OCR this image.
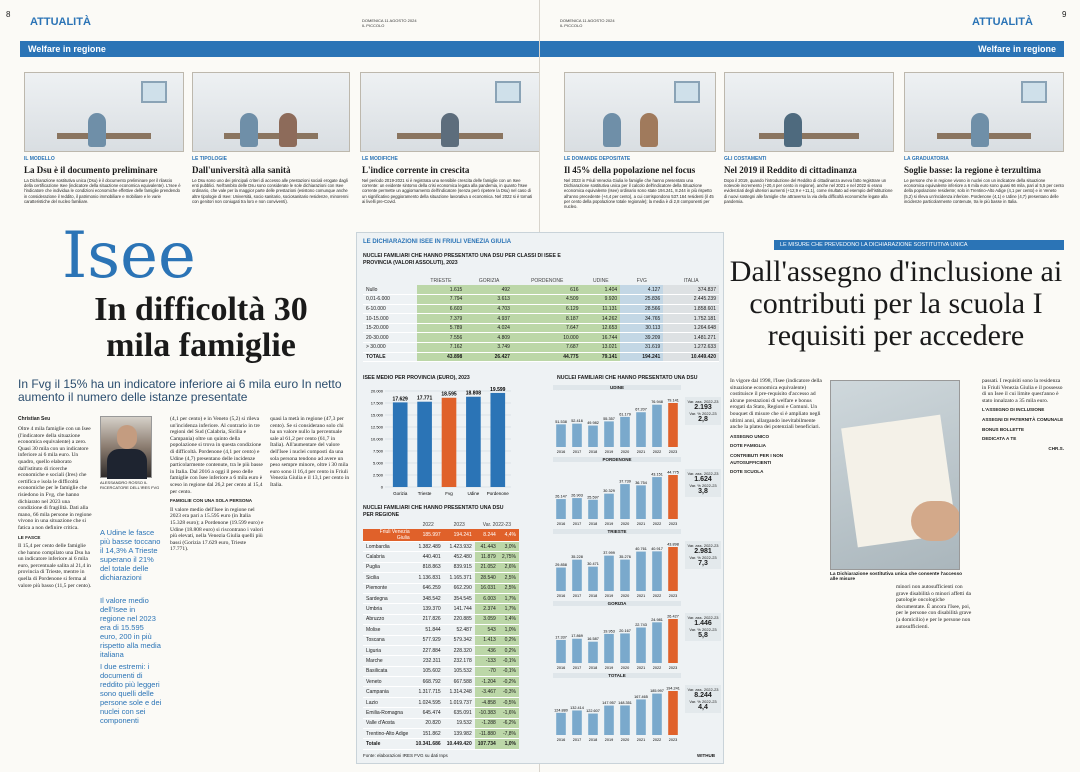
8
ATTUALITÀ	DOMENICA 11 AGOSTO 2024
IL PICCOLO
Welfare in regione
IL MODELLO
La Dsu è il documento preliminare
La Dichiarazione sostitutiva unica (Dsu) è il documento preliminare per il rilascio della certificazione Isee (indicatore della situazione economica equivalente). L'Isee è l'indicatore che individua le condizioni economiche effettive delle famiglie prendendo in considerazione il reddito, il patrimonio immobiliare e mobiliare e le varie caratteristiche del nucleo familiare.
LE TIPOLOGIE
Dall'università alla sanità
Le Dsu sono uno dei principali criteri di accesso alle prestazioni sociali erogate dagli enti pubblici. Nell'ambito delle Dsu sono considerate le sole dichiarazioni con Isee ordinario, che vale per la maggior parte delle prestazioni (esistono comunque anche altre tipologie di Isee: Università, socio sanitario, sociosanitario residenze, minorenni con genitori non coniugati tra loro e non conviventi).
LE MODIFICHE
L'indice corrente in crescita
Nel periodo 2019-2021 si è registrata una sensibile crescita delle famiglie con un Isee corrente: un evidente sintomo della crisi economica legata alla pandemia, in quanto l'Isee corrente permette un aggiornamento dell'indicatore (senza però ripetere la Dsu) nel caso di un significativo peggioramento della situazione lavorativa o economica. Nel 2022 si è tornati ai livelli pre-Covid.
Isee
In difficoltà 30 mila famiglie
In Fvg il 15% ha un indicatore inferiore ai 6 mila euro In netto aumento il numero delle istanze presentate
Christian Seu

Oltre 4 mila famiglie con un Isee (l'indicatore della situazione economica equivalente) a zero. Quasi 30 mila con un indicatore inferiore ai 6 mila euro. Un quadro, quello elaborato dall'istituto di ricerche economiche e sociali (Ires) che certifica e isola le difficoltà economiche per le famiglie che risiedono in Fvg, che hanno dichiarato nel 2023 una condizione di fragilità. Dati alla mano, 66 mila persone in regione vivono in una situazione che si fatica a non definire critica.

LE FASCE

Il 15,4 per cento delle famiglie che hanno compilato una Dsu ha un indicatore inferiore ai 6 mila euro, percentuale salita al 21,4 in provincia di Trieste, mentre in quella di Pordenone si ferma al valore più basso (11,5 per cento).

ALESSANDRO ROSSO IL RICERCATORE DELL'IRES FVG
A Udine le fasce più basse toccano il 14,3% A Trieste superano il 21% del totale delle dichiarazioni
Il valore medio dell'Isee in regione nel 2023 era di 15.595 euro, 200 in più rispetto alla media italiana
I due estremi: i documenti di reddito più leggeri sono quelli delle persone sole e dei nuclei con sei componenti

(4,1 per cento) e in Veneto (5,2) si rileva un'incidenza inferiore. Al contrario in tre regioni del Sud (Calabria, Sicilia e Campania) oltre un quinto della popolazione si trova in questa condizione di difficoltà. Pordenone (4,1 per cento) e Udine (4,7) presentano delle incidenze particolarmente contenute, tra le più basse in Italia. Dal 2016 a oggi il peso delle famiglie con Isee inferiore a 6 mila euro è sceso in regione dal 26,2 per cento al 15,4 per cento.

FAMIGLIE CON UNA SOLA PERSONA

Il valore medio dell'Isee in regione nel 2023 era pari a 15.595 euro (in Italia 15.328 euro); a Pordenone (19.599 euro) e Udine (18.808 euro) si riscontrano i valori più elevati, nella Venezia Giulia quelli più bassi (Gorizia 17.629 euro, Trieste 17.771).

quasi la metà in regione (47,3 per cento). Se si considerano solo chi ha un valore nullo la percentuale sale al 61,2 per cento (61,7 in Italia). All'aumentare del valore dell'Isee i nuclei composti da una sola persona tendono ad avere un peso sempre minore, oltre i 30 mila euro sono il 16,4 per cento in Friuli Venezia Giulia e il 13,1 per cento in Italia.

9
ATTUALITÀ
DOMENICA 11 AGOSTO 2024
IL PICCOLO
Welfare in regione
LE DOMANDE DEPOSITATE
Il 45% della popolazione nel focus
Nel 2023 in Friuli Venezia Giulia le famiglie che hanno presentato una Dichiarazione sostitutiva unica per il calcolo dell'indicatore della Situazione economica equivalente (Isee) ordinario sono state 194.241, 8.244 in più rispetto all'anno precedente (+4,4 per cento), a cui corrispondono 537.164 residenti (il 45 per cento della popolazione totale regionale); la media è di 2,8 componenti per nucleo.
GLI COSTAMENTI
Nel 2019 il Reddito di cittadinanza
Dopo il 2019, quando l'introduzione del Reddito di cittadinanza aveva fatto registrare un notevole incremento (+20,4 per cento in regione), anche nel 2021 e nel 2022 si erano evidenziati degli ulteriori aumenti (+12,9 e +11,1), come risultato ad esempio dell'istituzione di nuovi sostegni alle famiglie che attraverso la via della difficoltà economiche legate alla pandemia.
LA GRADUATORIA
Soglie basse: la regione è terzultima
Le persone che in regione vivono in nuclei con un indicatore della situazione economica equivalente inferiore a 6 mila euro sono quasi 66 mila, pari al 5,5 per cento della popolazione residente; solo in Trentino-Alto Adige (4,1 per cento) e in Veneto (5,2) si rileva un'incidenza inferiore. Pordenone (4,1) e Udine (4,7) presentano delle incidenze particolarmente contenute, tra le più basse in Italia.
LE DICHIARAZIONI ISEE IN FRIULI VENEZIA GIULIA
NUCLEI FAMILIARI CHE HANNO PRESENTATO UNA DSU PER CLASSI DI ISEE E PROVINCIA (VALORI ASSOLUTI), 2023
	TRIESTE	GORIZIA	PORDENONE	UDINE	FVG	ITALIA
Nullo	1.615	492	616	1.404	4.127	374.837
0,01-6.000	7.794	3.613	4.509	9.920	25.836	2.445.239
6-10.000	6.603	4.703	6.129	11.131	28.566	1.858.601
10-15.000	7.379	4.937	8.187	14.262	34.765	1.752.181
15-20.000	5.789	4.024	7.647	12.653	30.113	1.264.648
20-30.000	7.556	4.809	10.000	16.744	39.209	1.481.271
> 30.000	7.162	3.749	7.687	13.021	31.619	1.272.633
TOTALE	43.898	26.427	44.775	79.141	194.241	10.449.420
ISEE MEDIO PER PROVINCIA (EURO), 2023
20.000
17.500
15.000
12.500
10.000
7.500
5.000
2.500
0
17.629
Gorizia
17.771
Trieste
18.595
Fvg
18.808
Udine
19.599
Pordenone
NUCLEI FAMILIARI CHE HANNO PRESENTATO UNA DSU PER REGIONE
	2022	2023	Var. 2022-23	
Friuli Venezia Giulia	185.997	194.241	8.244	4,4%
Lombardia	1.382.489	1.423.932	41.443	3,0%
Calabria	440.401	452.480	11.879	2,75%
Puglia	818.863	839.915	21.052	2,6%
Sicilia	1.136.831	1.165.371	28.540	2,5%
Piemonte	646.259	662.290	16.031	2,5%
Sardegna	348.542	354.545	6.003	1,7%
Umbria	139.370	141.744	2.374	1,7%
Abruzzo	217.826	220.885	3.059	1,4%
Molise	51.844	52.487	543	1,0%
Toscana	577.929	579.342	1.413	0,2%
Liguria	227.884	228.320	436	0,2%
Marche	232.311	232.178	-133	-0,1%
Basilicata	105.602	105.532	-70	-0,1%
Veneto	668.792	667.588	-1.204	-0,2%
Campania	1.317.715	1.314.248	-3.467	-0,3%
Lazio	1.024.595	1.019.737	-4.858	-0,5%
Emilia-Romagna	645.474	635.091	-10.383	-1,6%
Valle d'Aosta	20.820	19.532	-1.288	-6,2%
Trentino-Alto Adige	151.862	139.982	-11.880	-7,8%
Totale	10.341.686	10.449.420	107.734	1,0%
Fonte: elaborazioni IRES FVG su dati Inps
NUCLEI FAMILIARI CHE HANNO PRESENTATO UNA DSU
UDINE
51.538
2016
52.416
2017
49.982
2018
55.357
2019
61.179
2020
67.207
2021
76.948
2022
79.141
2023
Var. ass. 2022-23
2.193
Var. % 2022-23
2,8
PORDENONE
26.147
2016
26.903
2017
25.597
2018
30.329
2019
37.739
2020
36.754
2021
43.151
2022
44.775
2023
Var. ass. 2022-23
1.624
Var. % 2022-23
3,8
TRIESTE
29.858
2016
35.228
2017
30.471
2018
37.999
2019
35.276
2020
40.761
2021
40.917
2022
43.898
2023
Var. ass. 2022-23
2.981
Var. % 2022-23
7,3
GORIZIA
17.337
2016
17.869
2017
16.587
2018
19.953
2019
20.167
2020
22.743
2021
24.981
2022
26.427
2023
Var. ass. 2022-23
1.446
Var. % 2022-23
5,8
TOTALE
124.880
2016
132.414
2017
122.607
2018
147.957
2019
148.351
2020
167.465
2021
185.997
2022
194.241
2023
Var. ass. 2022-23
8.244
Var. % 2022-23
4,4
WITHUB
LE MISURE CHE PREVEDONO LA DICHIARAZIONE SOSTITUTIVA UNICA
Dall'assegno d'inclusione ai contributi per la scuola I requisiti per accedere

In vigore dal 1998, l'Isee (indicatore della situazione economica equivalente) costituisce il pre-requisito d'accesso ad alcune prestazioni di welfare e bonus erogati da Stato, Regioni e Comuni. Un bouquet di misure che si è ampliato negli ultimi anni, allargando inevitabilmente anche la platea dei potenziali beneficiari.

ASSEGNO UNICO
DOTE FAMIGLIA
CONTRIBUTI PER I NON AUTOSUFFICIENTI
DOTE SCUOLA
La Dichiarazione sostitutiva unica che consente l'accesso alle misure

minori non autosufficienti con grave disabilità o minori affetti da patologie oncologiche documentate. È ancora l'Isee, poi, per le persone con disabilità grave (a domicilio) e per le persone non autosufficienti.

passati. I requisiti sono la residenza in Friuli Venezia Giulia e il possesso di un Isee il cui limite quest'anno è stato innalzato a 35 mila euro.

L'ASSEGNO DI INCLUSIONE
ASSEGNI DI PATERNITÀ COMUNALE
BONUS BOLLETTE
DEDICATA A TE
CHR.S.
